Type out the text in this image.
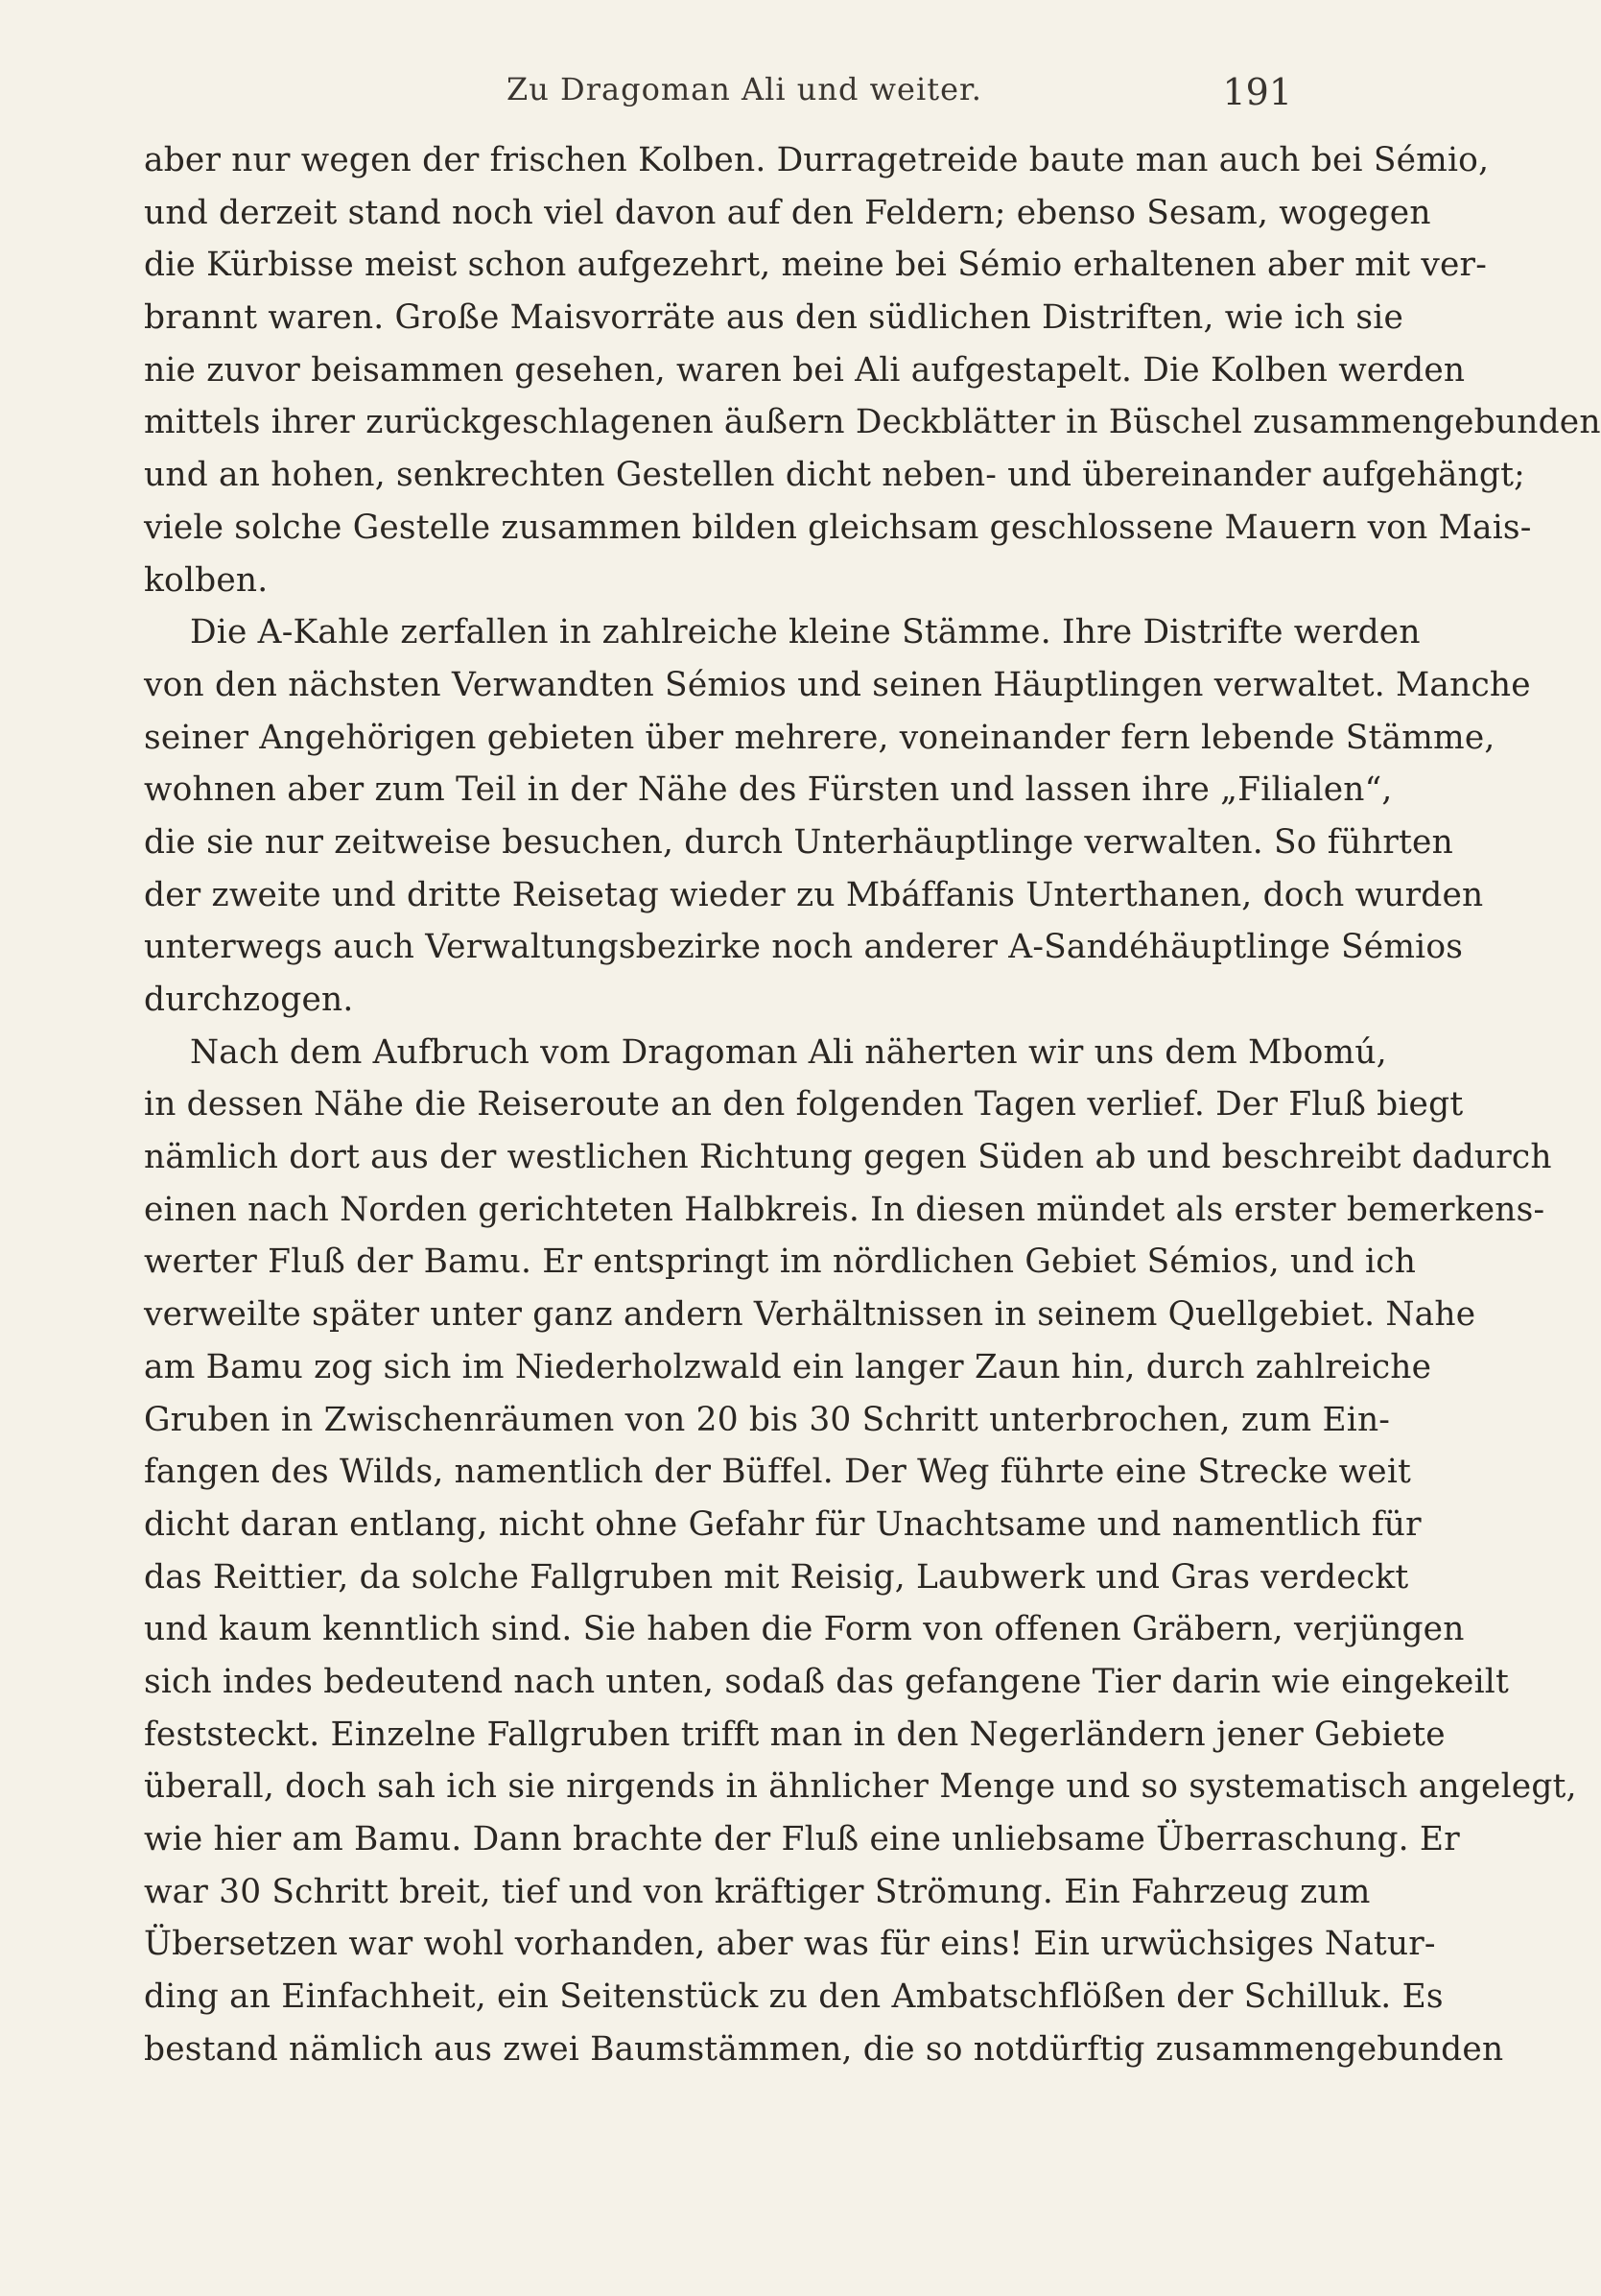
Zu Dragoman Ali und weiter.	191
aber nur wegen der frischen Kolben. Durragetreide baute man auch bei Sémio,
und derzeit stand noch viel davon auf den Feldern; ebenso Sesam, wogegen
die Kürbisse meist schon aufgezehrt, meine bei Sémio erhaltenen aber mit ver-
brannt waren. Große Maisvorräte aus den südlichen Distriften, wie ich sie
nie zuvor beisammen gesehen, waren bei Ali aufgestapelt. Die Kolben werden
mittels ihrer zurückgeschlagenen äußern Deckblätter in Büschel zusammengebunden
und an hohen, senkrechten Gestellen dicht neben- und übereinander aufgehängt;
viele solche Gestelle zusammen bilden gleichsam geschlossene Mauern von Mais-
kolben.
Die A-Kahle zerfallen in zahlreiche kleine Stämme. Ihre Distrifte werden
von den nächsten Verwandten Sémios und seinen Häuptlingen verwaltet. Manche
seiner Angehörigen gebieten über mehrere, voneinander fern lebende Stämme,
wohnen aber zum Teil in der Nähe des Fürsten und lassen ihre „Filialen“,
die sie nur zeitweise besuchen, durch Unterhäuptlinge verwalten. So führten
der zweite und dritte Reisetag wieder zu Mbáffanis Unterthanen, doch wurden
unterwegs auch Verwaltungsbezirke noch anderer A-Sandéhäuptlinge Sémios
durchzogen.
Nach dem Aufbruch vom Dragoman Ali näherten wir uns dem Mbomú,
in dessen Nähe die Reiseroute an den folgenden Tagen verlief. Der Fluß biegt
nämlich dort aus der westlichen Richtung gegen Süden ab und beschreibt dadurch
einen nach Norden gerichteten Halbkreis. In diesen mündet als erster bemerkens-
werter Fluß der Bamu. Er entspringt im nördlichen Gebiet Sémios, und ich
verweilte später unter ganz andern Verhältnissen in seinem Quellgebiet. Nahe
am Bamu zog sich im Niederholzwald ein langer Zaun hin, durch zahlreiche
Gruben in Zwischenräumen von 20 bis 30 Schritt unterbrochen, zum Ein-
fangen des Wilds, namentlich der Büffel. Der Weg führte eine Strecke weit
dicht daran entlang, nicht ohne Gefahr für Unachtsame und namentlich für
das Reittier, da solche Fallgruben mit Reisig, Laubwerk und Gras verdeckt
und kaum kenntlich sind. Sie haben die Form von offenen Gräbern, verjüngen
sich indes bedeutend nach unten, sodaß das gefangene Tier darin wie eingekeilt
feststeckt. Einzelne Fallgruben trifft man in den Negerländern jener Gebiete
überall, doch sah ich sie nirgends in ähnlicher Menge und so systematisch angelegt,
wie hier am Bamu. Dann brachte der Fluß eine unliebsame Überraschung. Er
war 30 Schritt breit, tief und von kräftiger Strömung. Ein Fahrzeug zum
Übersetzen war wohl vorhanden, aber was für eins! Ein urwüchsiges Natur-
ding an Einfachheit, ein Seitenstück zu den Ambatschflößen der Schilluk. Es
bestand nämlich aus zwei Baumstämmen, die so notdürftig zusammengebunden
